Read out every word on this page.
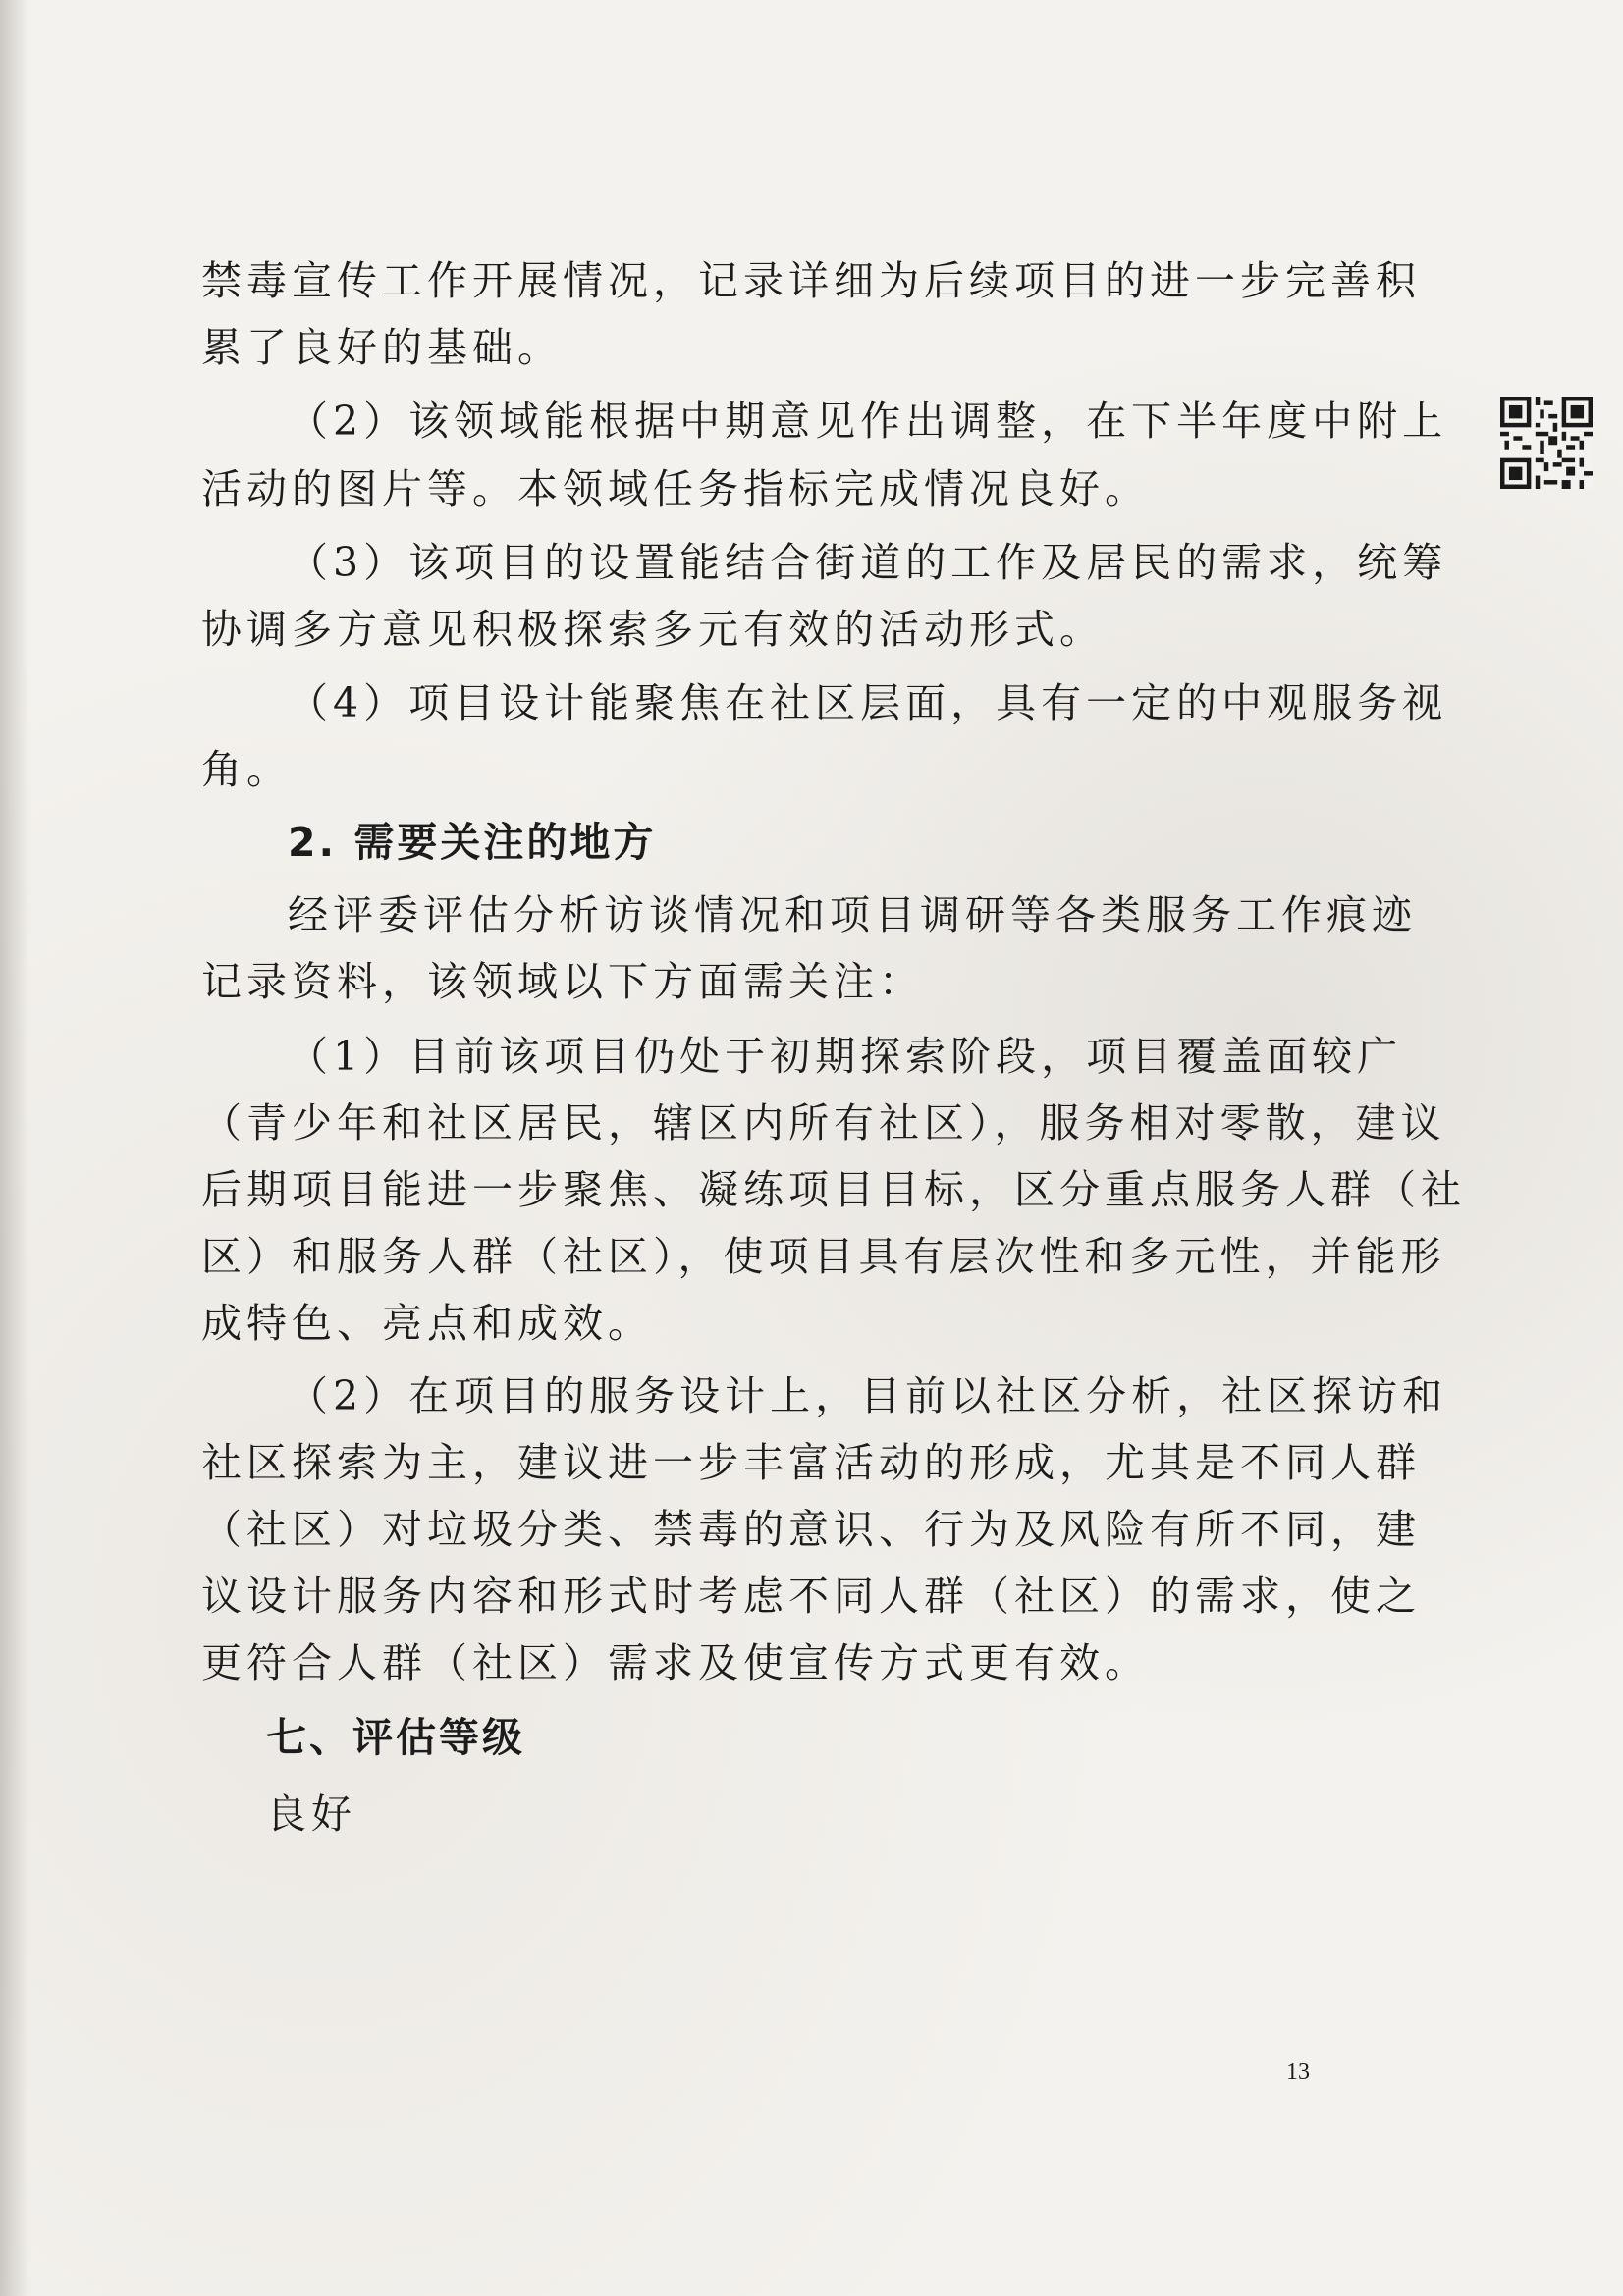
禁毒宣传工作开展情况，记录详细为后续项目的进一步完善积
累了良好的基础。
（2）该领域能根据中期意见作出调整，在下半年度中附上
活动的图片等。本领域任务指标完成情况良好。
（3）该项目的设置能结合街道的工作及居民的需求，统筹
协调多方意见积极探索多元有效的活动形式。
（4）项目设计能聚焦在社区层面，具有一定的中观服务视
角。
2. 需要关注的地方
经评委评估分析访谈情况和项目调研等各类服务工作痕迹
记录资料，该领域以下方面需关注：
（1）目前该项目仍处于初期探索阶段，项目覆盖面较广
（青少年和社区居民，辖区内所有社区），服务相对零散，建议
后期项目能进一步聚焦、凝练项目目标，区分重点服务人群（社
区）和服务人群（社区），使项目具有层次性和多元性，并能形
成特色、亮点和成效。
（2）在项目的服务设计上，目前以社区分析，社区探访和
社区探索为主，建议进一步丰富活动的形成，尤其是不同人群
（社区）对垃圾分类、禁毒的意识、行为及风险有所不同，建
议设计服务内容和形式时考虑不同人群（社区）的需求，使之
更符合人群（社区）需求及使宣传方式更有效。
七、评估等级
良好
13
